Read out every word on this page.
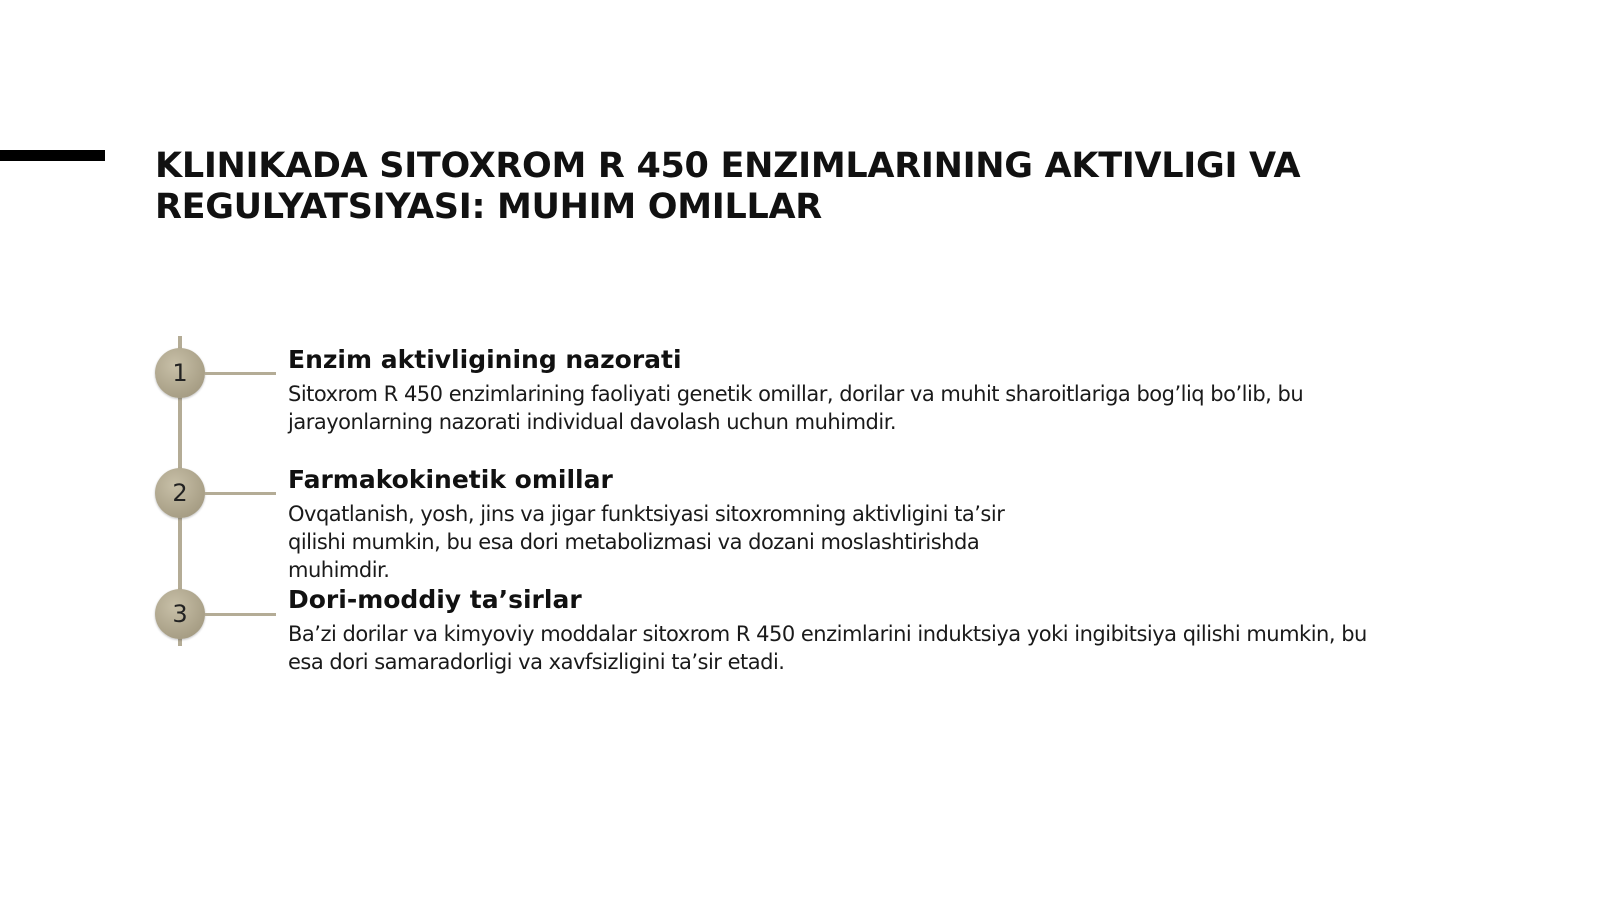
KLINIKADA SITOXROM R 450 ENZIMLARINING AKTIVLIGI VA
REGULYATSIYASI: MUHIM OMILLAR
1	Enzim aktivligining nazorati

Sitoxrom R 450 enzimlarining faoliyati genetik omillar, dorilar va muhit sharoitlariga bog’liq bo’lib, bu
jarayonlarning nazorati individual davolash uchun muhimdir.

2	Farmakokinetik omillar

Ovqatlanish, yosh, jins va jigar funktsiyasi sitoxromning aktivligini ta’sir
qilishi mumkin, bu esa dori metabolizmasi va dozani moslashtirishda
muhimdir.

3	Dori-moddiy ta’sirlar

Ba’zi dorilar va kimyoviy moddalar sitoxrom R 450 enzimlarini induktsiya yoki ingibitsiya qilishi mumkin, bu
esa dori samaradorligi va xavfsizligini ta’sir etadi.
